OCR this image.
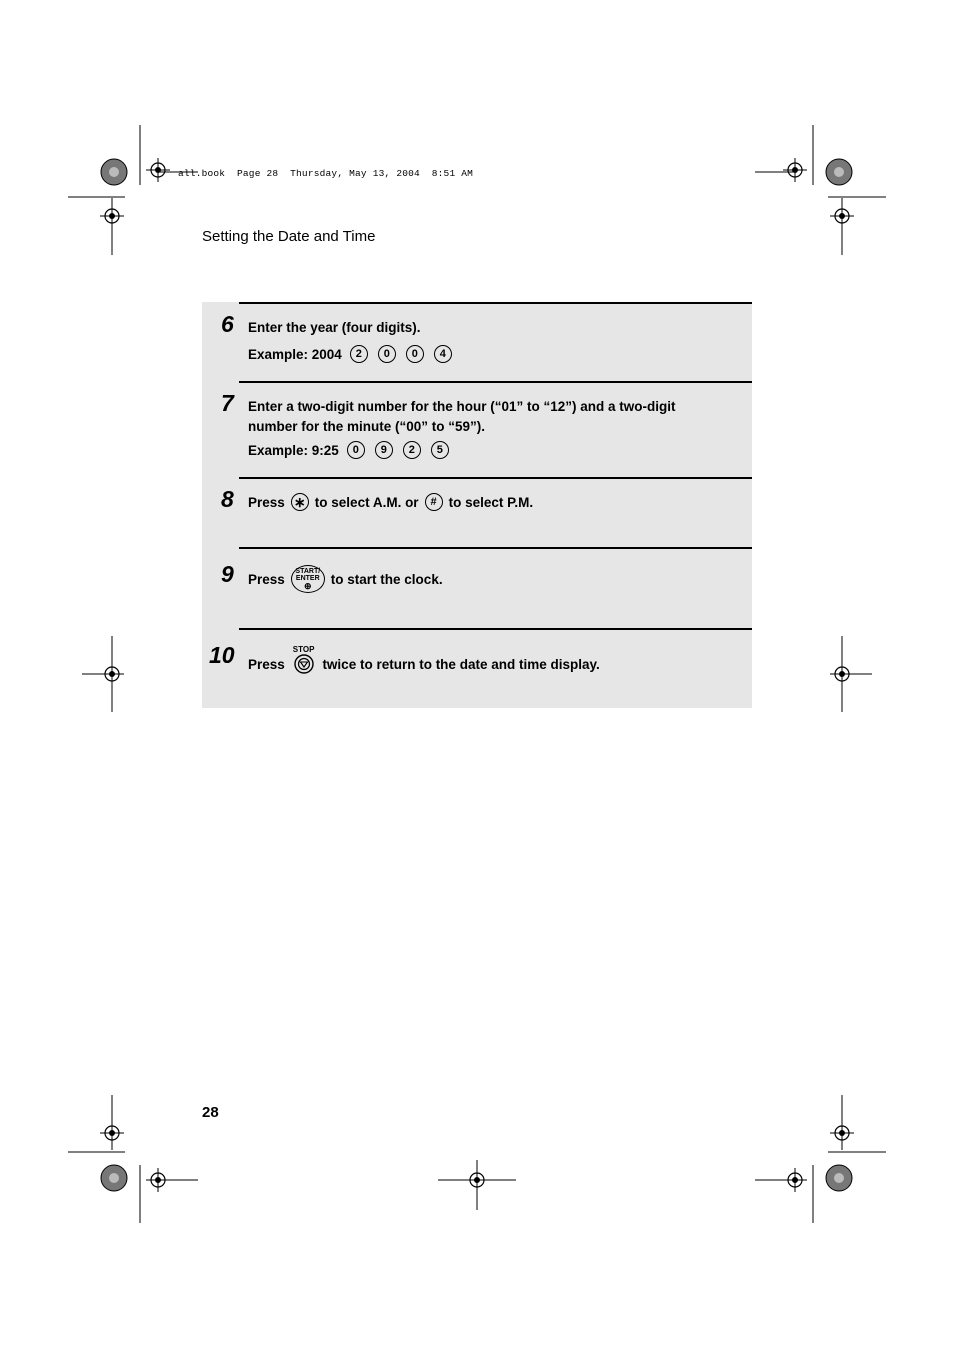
all.book  Page 28  Thursday, May 13, 2004  8:51 AM
Setting the Date and Time
6 Enter the year (four digits).
Example: 2004	2	0	0	4
7 Enter a two-digit number for the hour (“01” to “12”) and a two-digit
number for the minute (“00” to “59”).
Example: 9:25	0	9	2	5
8 Press ∗ to select A.M. or	# to select P.M.
9 Press
START/
ENTER
⊕ to start the clock.
10 Press
STOP
twice to return to the date and time display.
28
